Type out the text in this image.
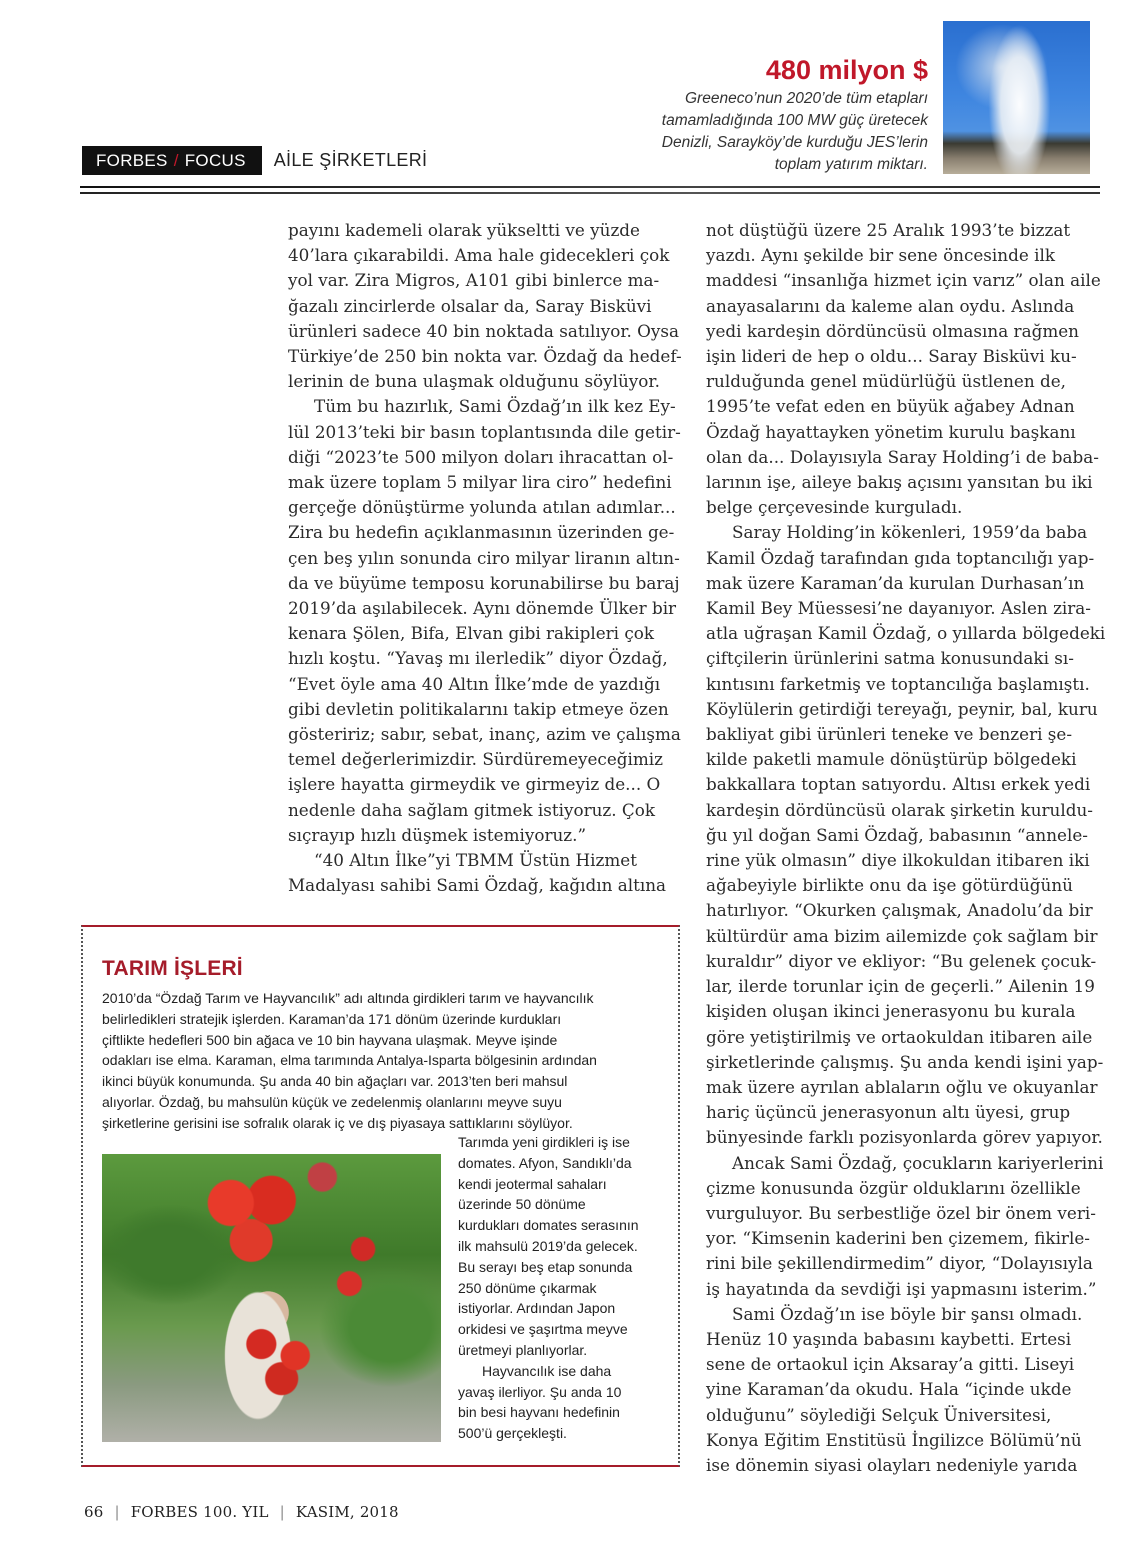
480 milyon $
Greeneco’nun 2020’de tüm etapları
tamamladığında 100 MW güç üretecek
Denizli, Sarayköy’de kurduğu JES’lerin
toplam yatırım miktarı.
FORBES / FOCUS AİLE ŞİRKETLERİ

payını kademeli olarak yükseltti ve yüzde
40’lara çıkarabildi. Ama hale gidecekleri çok
yol var. Zira Migros, A101 gibi binlerce ma-
ğazalı zincirlerde olsalar da, Saray Bisküvi
ürünleri sadece 40 bin noktada satılıyor. Oysa
Türkiye’de 250 bin nokta var. Özdağ da hedef-
lerinin de buna ulaşmak olduğunu söylüyor.

Tüm bu hazırlık, Sami Özdağ’ın ilk kez Ey-
lül 2013’teki bir basın toplantısında dile getir-
diği “2023’te 500 milyon doları ihracattan ol-
mak üzere toplam 5 milyar lira ciro” hedefini
gerçeğe dönüştürme yolunda atılan adımlar...
Zira bu hedefin açıklanmasının üzerinden ge-
çen beş yılın sonunda ciro milyar liranın altın-
da ve büyüme temposu korunabilirse bu baraj
2019’da aşılabilecek. Aynı dönemde Ülker bir
kenara Şölen, Bifa, Elvan gibi rakipleri çok
hızlı koştu. “Yavaş mı ilerledik” diyor Özdağ,
“Evet öyle ama 40 Altın İlke’mde de yazdığı
gibi devletin politikalarını takip etmeye özen
gösteririz; sabır, sebat, inanç, azim ve çalışma
temel değerlerimizdir. Sürdüremeyeceğimiz
işlere hayatta girmeydik ve girmeyiz de... O
nedenle daha sağlam gitmek istiyoruz. Çok
sıçrayıp hızlı düşmek istemiyoruz.”

“40 Altın İlke”yi TBMM Üstün Hizmet
Madalyası sahibi Sami Özdağ, kağıdın altına

not düştüğü üzere 25 Aralık 1993’te bizzat
yazdı. Aynı şekilde bir sene öncesinde ilk
maddesi “insanlığa hizmet için varız” olan aile
anayasalarını da kaleme alan oydu. Aslında
yedi kardeşin dördüncüsü olmasına rağmen
işin lideri de hep o oldu... Saray Bisküvi ku-
rulduğunda genel müdürlüğü üstlenen de,
1995’te vefat eden en büyük ağabey Adnan
Özdağ hayattayken yönetim kurulu başkanı
olan da... Dolayısıyla Saray Holding’i de baba-
larının işe, aileye bakış açısını yansıtan bu iki
belge çerçevesinde kurguladı.

Saray Holding’in kökenleri, 1959’da baba
Kamil Özdağ tarafından gıda toptancılığı yap-
mak üzere Karaman’da kurulan Durhasan’ın
Kamil Bey Müessesi’ne dayanıyor. Aslen zira-
atla uğraşan Kamil Özdağ, o yıllarda bölgedeki
çiftçilerin ürünlerini satma konusundaki sı-
kıntısını farketmiş ve toptancılığa başlamıştı.
Köylülerin getirdiği tereyağı, peynir, bal, kuru
bakliyat gibi ürünleri teneke ve benzeri şe-
kilde paketli mamule dönüştürüp bölgedeki
bakkallara toptan satıyordu. Altısı erkek yedi
kardeşin dördüncüsü olarak şirketin kuruldu-
ğu yıl doğan Sami Özdağ, babasının “annele-
rine yük olmasın” diye ilkokuldan itibaren iki
ağabeyiyle birlikte onu da işe götürdüğünü
hatırlıyor. “Okurken çalışmak, Anadolu’da bir
kültürdür ama bizim ailemizde çok sağlam bir
kuraldır” diyor ve ekliyor: “Bu gelenek çocuk-
lar, ilerde torunlar için de geçerli.” Ailenin 19
kişiden oluşan ikinci jenerasyonu bu kurala
göre yetiştirilmiş ve ortaokuldan itibaren aile
şirketlerinde çalışmış. Şu anda kendi işini yap-
mak üzere ayrılan ablaların oğlu ve okuyanlar
hariç üçüncü jenerasyonun altı üyesi, grup
bünyesinde farklı pozisyonlarda görev yapıyor.

Ancak Sami Özdağ, çocukların kariyerlerini
çizme konusunda özgür olduklarını özellikle
vurguluyor. Bu serbestliğe özel bir önem veri-
yor. “Kimsenin kaderini ben çizemem, fikirle-
rini bile şekillendirmedim” diyor, “Dolayısıyla
iş hayatında da sevdiği işi yapmasını isterim.”

Sami Özdağ’ın ise böyle bir şansı olmadı.
Henüz 10 yaşında babasını kaybetti. Ertesi
sene de ortaokul için Aksaray’a gitti. Liseyi
yine Karaman’da okudu. Hala “içinde ukde
olduğunu” söylediği Selçuk Üniversitesi,
Konya Eğitim Enstitüsü İngilizce Bölümü’nü
ise dönemin siyasi olayları nedeniyle yarıda

TARIM İŞLERİ
2010’da “Özdağ Tarım ve Hayvancılık” adı altında girdikleri tarım ve hayvancılık
belirledikleri stratejik işlerden. Karaman’da 171 dönüm üzerinde kurdukları
çiftlikte hedefleri 500 bin ağaca ve 10 bin hayvana ulaşmak. Meyve işinde
odakları ise elma. Karaman, elma tarımında Antalya-Isparta bölgesinin ardından
ikinci büyük konumunda. Şu anda 40 bin ağaçları var. 2013’ten beri mahsul
alıyorlar. Özdağ, bu mahsulün küçük ve zedelenmiş olanlarını meyve suyu
şirketlerine gerisini ise sofralık olarak iç ve dış piyasaya sattıklarını söylüyor.

Tarımda yeni girdikleri iş ise
domates. Afyon, Sandıklı’da
kendi jeotermal sahaları
üzerinde 50 dönüme
kurdukları domates serasının
ilk mahsulü 2019’da gelecek.
Bu serayı beş etap sonunda
250 dönüme çıkarmak
istiyorlar. Ardından Japon
orkidesi ve şaşırtma meyve
üretmeyi planlıyorlar.

Hayvancılık ise daha
yavaş ilerliyor. Şu anda 10
bin besi hayvanı hedefinin
500’ü gerçekleşti.

66 | FORBES 100. YIL | KASIM, 2018
